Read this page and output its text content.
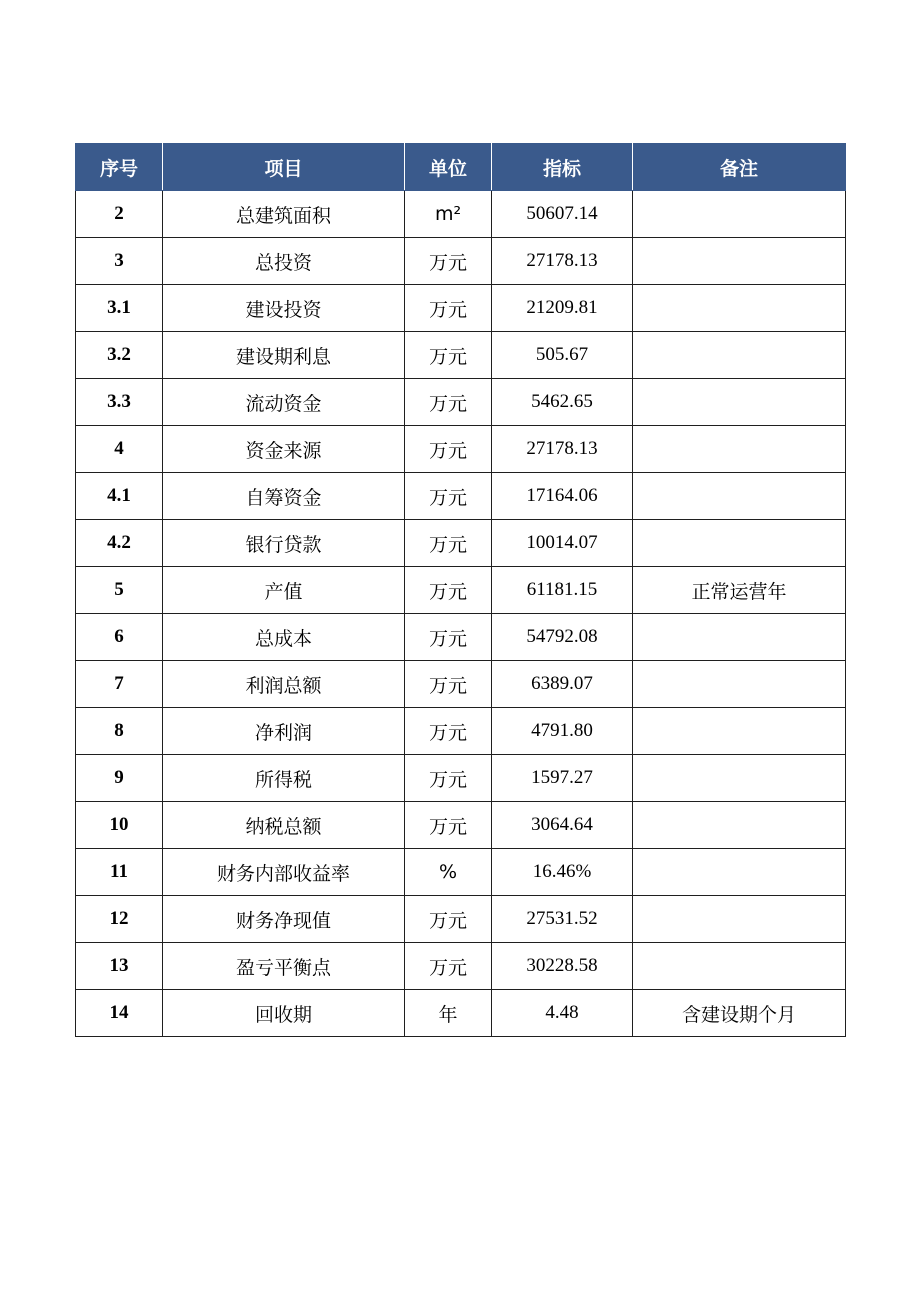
序号	项目	单位	指标	备注
2	总建筑面积	m²	50607.14	
3	总投资	万元	27178.13	
3.1	建设投资	万元	21209.81	
3.2	建设期利息	万元	505.67	
3.3	流动资金	万元	5462.65	
4	资金来源	万元	27178.13	
4.1	自筹资金	万元	17164.06	
4.2	银行贷款	万元	10014.07	
5	产值	万元	61181.15	正常运营年
6	总成本	万元	54792.08	
7	利润总额	万元	6389.07	
8	净利润	万元	4791.80	
9	所得税	万元	1597.27	
10	纳税总额	万元	3064.64	
11	财务内部收益率	%	16.46%	
12	财务净现值	万元	27531.52	
13	盈亏平衡点	万元	30228.58	
14	回收期	年	4.48	含建设期个月
